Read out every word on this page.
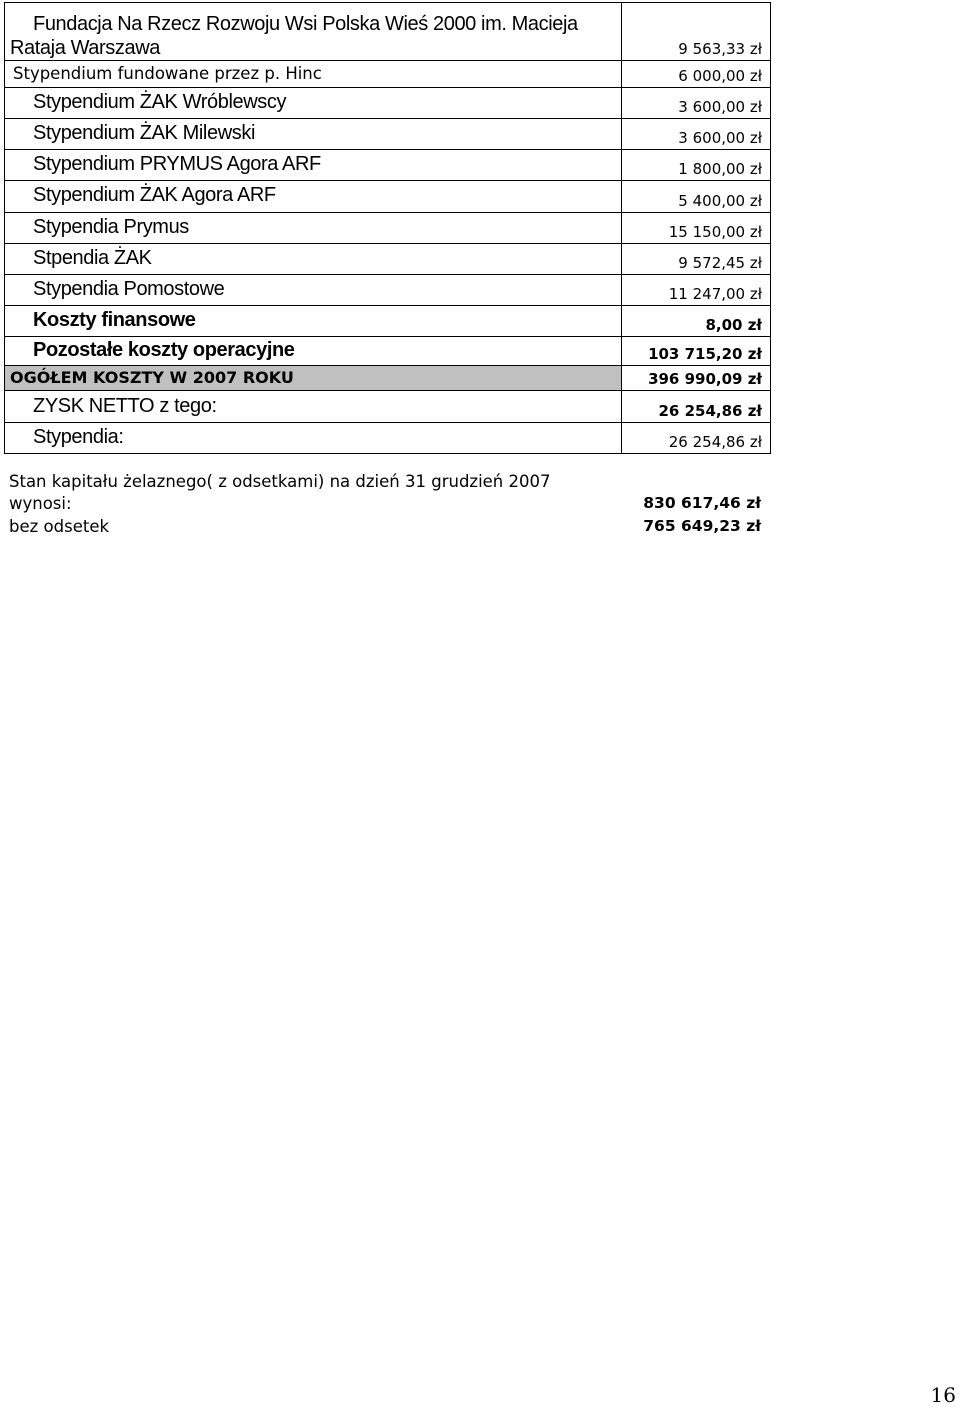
Fundacja Na Rzecz Rozwoju Wsi Polska Wieś 2000 im. Macieja
Rataja Warszawa	9 563,33 zł
Stypendium fundowane przez p. Hinc	6 000,00 zł
Stypendium ŻAK Wróblewscy	3 600,00 zł
Stypendium ŻAK Milewski	3 600,00 zł
Stypendium PRYMUS Agora ARF	1 800,00 zł
Stypendium ŻAK Agora ARF	5 400,00 zł
Stypendia Prymus	15 150,00 zł
Stpendia ŻAK	9 572,45 zł
Stypendia Pomostowe	11 247,00 zł
Koszty finansowe	8,00 zł
Pozostałe koszty operacyjne	103 715,20 zł
OGÓŁEM KOSZTY W 2007 ROKU	396 990,09 zł
ZYSK NETTO z tego:	26 254,86 zł
Stypendia:	26 254,86 zł
Stan kapitału żelaznego( z odsetkami) na dzień 31 grudzień 2007
wynosi:	830 617,46 zł
bez odsetek	765 649,23 zł
16
